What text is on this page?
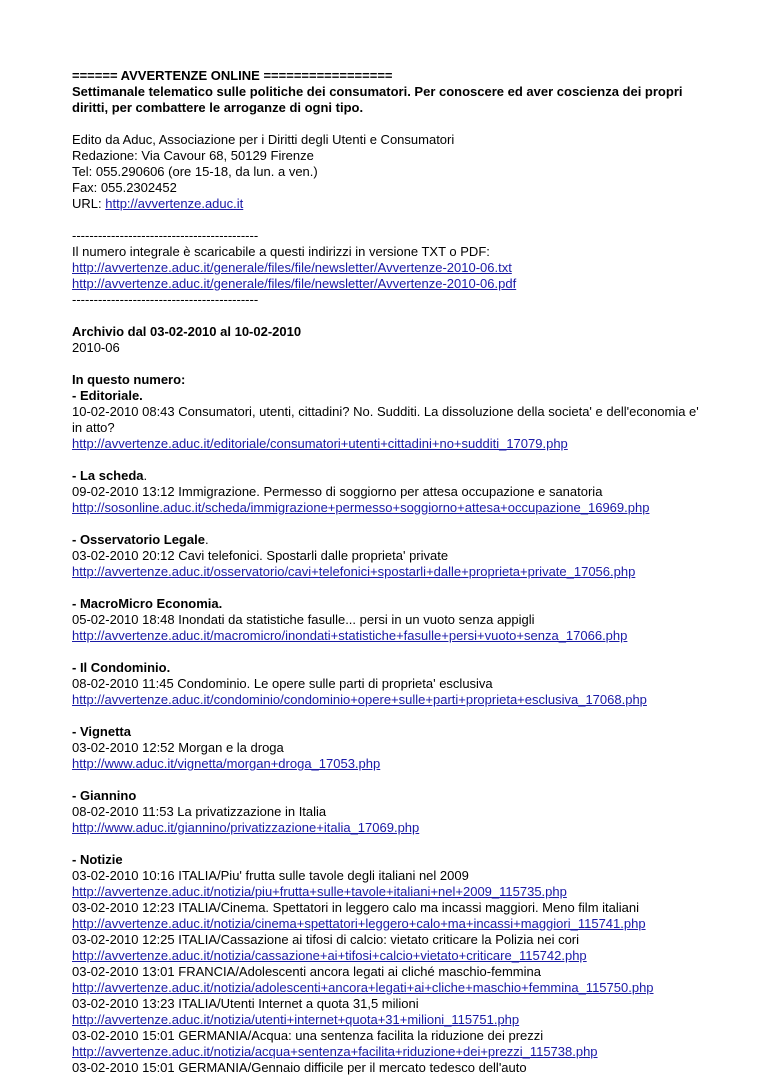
====== AVVERTENZE ONLINE =================

Settimanale telematico sulle politiche dei consumatori. Per conoscere ed aver coscienza dei propri diritti, per combattere le arroganze di ogni tipo.

Edito da Aduc, Associazione per i Diritti degli Utenti e Consumatori

Redazione: Via Cavour 68, 50129 Firenze

Tel: 055.290606 (ore 15-18, da lun. a ven.)

Fax: 055.2302452

URL: http://avvertenze.aduc.it

-------------------------------------------

Il numero integrale è scaricabile a questi indirizzi in versione TXT o PDF:

http://avvertenze.aduc.it/generale/files/file/newsletter/Avvertenze-2010-06.txt

http://avvertenze.aduc.it/generale/files/file/newsletter/Avvertenze-2010-06.pdf

-------------------------------------------

Archivio dal 03-02-2010 al 10-02-2010

2010-06

In questo numero:

- Editoriale.

10-02-2010 08:43 Consumatori, utenti, cittadini? No. Sudditi. La dissoluzione della societa' e dell'economia e' in atto?

http://avvertenze.aduc.it/editoriale/consumatori+utenti+cittadini+no+sudditi_17079.php

- La scheda.

09-02-2010 13:12 Immigrazione. Permesso di soggiorno per attesa occupazione e sanatoria

http://sosonline.aduc.it/scheda/immigrazione+permesso+soggiorno+attesa+occupazione_16969.php

- Osservatorio Legale.

03-02-2010 20:12 Cavi telefonici. Spostarli dalle proprieta' private

http://avvertenze.aduc.it/osservatorio/cavi+telefonici+spostarli+dalle+proprieta+private_17056.php

- MacroMicro Economia.

05-02-2010 18:48 Inondati da statistiche fasulle... persi in un vuoto senza appigli

http://avvertenze.aduc.it/macromicro/inondati+statistiche+fasulle+persi+vuoto+senza_17066.php

- Il Condominio.

08-02-2010 11:45 Condominio. Le opere sulle parti di proprieta' esclusiva

http://avvertenze.aduc.it/condominio/condominio+opere+sulle+parti+proprieta+esclusiva_17068.php

- Vignetta

03-02-2010 12:52 Morgan e la droga

http://www.aduc.it/vignetta/morgan+droga_17053.php

- Giannino

08-02-2010 11:53 La privatizzazione in Italia

http://www.aduc.it/giannino/privatizzazione+italia_17069.php

- Notizie

03-02-2010 10:16 ITALIA/Piu' frutta sulle tavole degli italiani nel 2009

http://avvertenze.aduc.it/notizia/piu+frutta+sulle+tavole+italiani+nel+2009_115735.php

03-02-2010 12:23 ITALIA/Cinema. Spettatori in leggero calo ma incassi maggiori. Meno film italiani

http://avvertenze.aduc.it/notizia/cinema+spettatori+leggero+calo+ma+incassi+maggiori_115741.php

03-02-2010 12:25 ITALIA/Cassazione ai tifosi di calcio: vietato criticare la Polizia nei cori

http://avvertenze.aduc.it/notizia/cassazione+ai+tifosi+calcio+vietato+criticare_115742.php

03-02-2010 13:01 FRANCIA/Adolescenti ancora legati ai cliché maschio-femmina

http://avvertenze.aduc.it/notizia/adolescenti+ancora+legati+ai+cliche+maschio+femmina_115750.php

03-02-2010 13:23 ITALIA/Utenti Internet a quota 31,5 milioni

http://avvertenze.aduc.it/notizia/utenti+internet+quota+31+milioni_115751.php

03-02-2010 15:01 GERMANIA/Acqua: una sentenza facilita la riduzione dei prezzi

http://avvertenze.aduc.it/notizia/acqua+sentenza+facilita+riduzione+dei+prezzi_115738.php

03-02-2010 15:01 GERMANIA/Gennaio difficile per il mercato tedesco dell'auto
